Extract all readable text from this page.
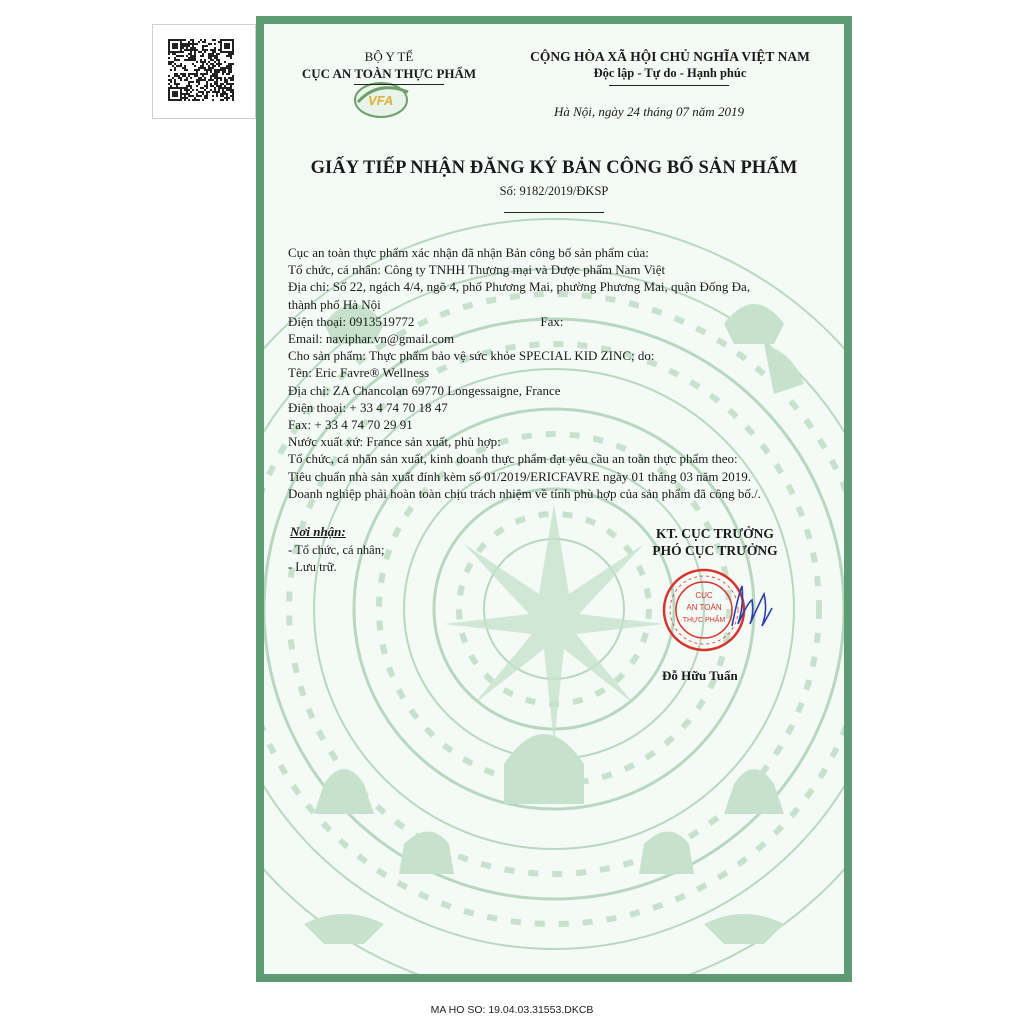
BỘ Y TẾ
CỤC AN TOÀN THỰC PHẨM
VFA
CỘNG HÒA XÃ HỘI CHỦ NGHĨA VIỆT NAM
Độc lập - Tự do - Hạnh phúc
Hà Nội, ngày 24 tháng 07 năm 2019
GIẤY TIẾP NHẬN ĐĂNG KÝ BẢN CÔNG BỐ SẢN PHẨM
Số: 9182/2019/ĐKSP
Cục an toàn thực phẩm xác nhận đã nhận Bản công bố sản phẩm của:
Tổ chức, cá nhân: Công ty TNHH Thương mại và Dược phẩm Nam Việt
Địa chỉ: Số 22, ngách 4/4, ngõ 4, phố Phương Mai, phường Phương Mai, quận Đống Đa,
thành phố Hà Nội
Điện thoại: 0913519772	Fax:
Email: naviphar.vn@gmail.com
Cho sản phẩm: Thực phẩm bảo vệ sức khỏe SPECIAL KID ZINC; do:
Tên: Eric Favre® Wellness
Địa chỉ: ZA Chancolan 69770 Longessaigne, France
Điện thoại: + 33 4 74 70 18 47
Fax: + 33 4 74 70 29 91
Nước xuất xứ: France sản xuất, phù hợp:
Tổ chức, cá nhân sản xuất, kinh doanh thực phẩm đạt yêu cầu an toàn thực phẩm theo:
Tiêu chuẩn nhà sản xuất đính kèm số 01/2019/ERICFAVRE ngày 01 tháng 03 năm 2019.
Doanh nghiệp phải hoàn toàn chịu trách nhiệm về tính phù hợp của sản phẩm đã công bố./.
Nơi nhận:
- Tổ chức, cá nhân;
- Lưu trữ.
KT. CỤC TRƯỞNG
PHÓ CỤC TRƯỞNG
CỤC
AN TOÀN
THỰC PHẨM
Đỗ Hữu Tuấn
MA HO SO: 19.04.03.31553.DKCB
